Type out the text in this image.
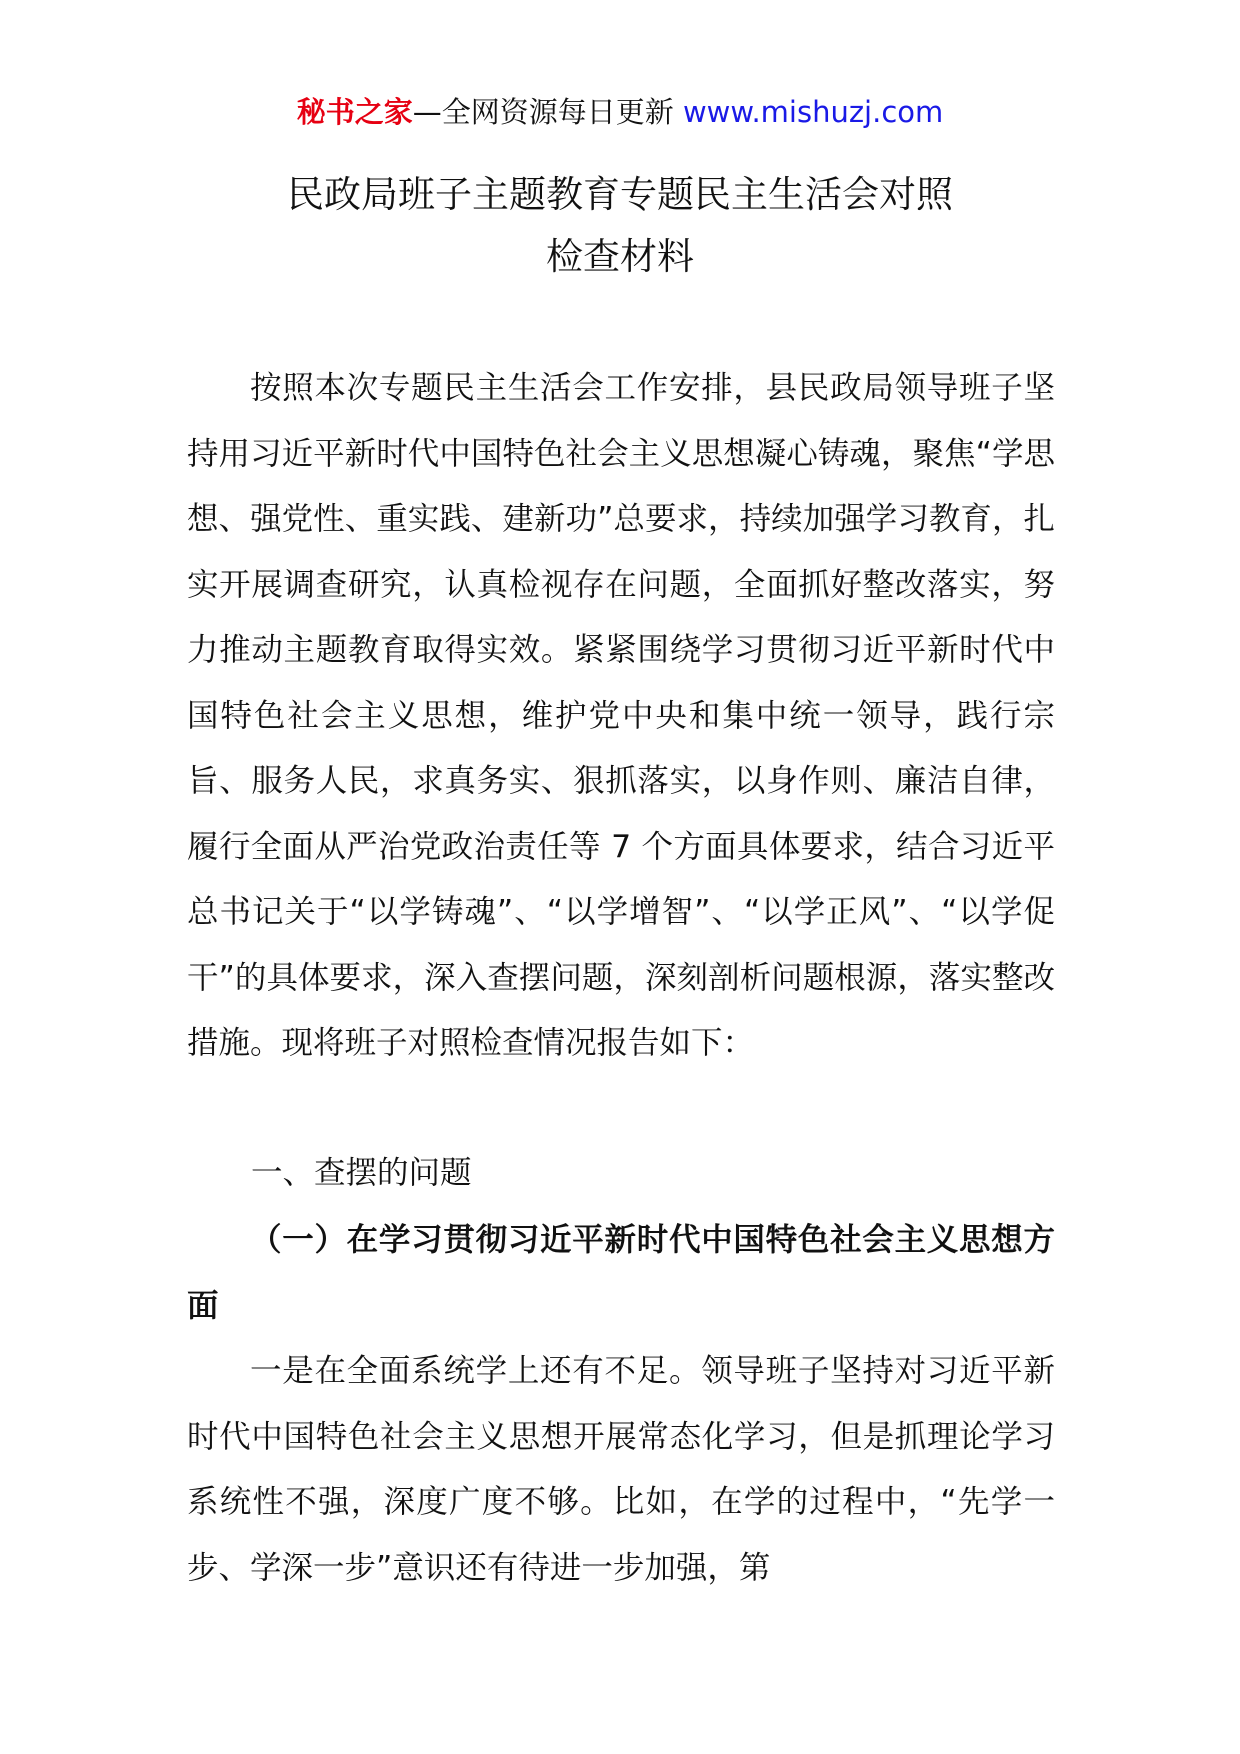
秘书之家—全网资源每日更新 www.mishuzj.com
民政局班子主题教育专题民主生活会对照
检查材料

按照本次专题民主生活会工作安排，县民政局领导班子坚持用习近平新时代中国特色社会主义思想凝心铸魂，聚焦“学思想、强党性、重实践、建新功”总要求，持续加强学习教育，扎实开展调查研究，认真检视存在问题，全面抓好整改落实，努力推动主题教育取得实效。紧紧围绕学习贯彻习近平新时代中国特色社会主义思想，维护党中央和集中统一领导，践行宗旨、服务人民，求真务实、狠抓落实，以身作则、廉洁自律，履行全面从严治党政治责任等 7 个方面具体要求，结合习近平总书记关于“以学铸魂”、“以学增智”、“以学正风”、“以学促干”的具体要求，深入查摆问题，深刻剖析问题根源，落实整改措施。现将班子对照检查情况报告如下：

一、查摆的问题

（一）在学习贯彻习近平新时代中国特色社会主义思想方面

一是在全面系统学上还有不足。领导班子坚持对习近平新时代中国特色社会主义思想开展常态化学习，但是抓理论学习系统性不强，深度广度不够。比如，在学的过程中，“先学一步、学深一步”意识还有待进一步加强，第
